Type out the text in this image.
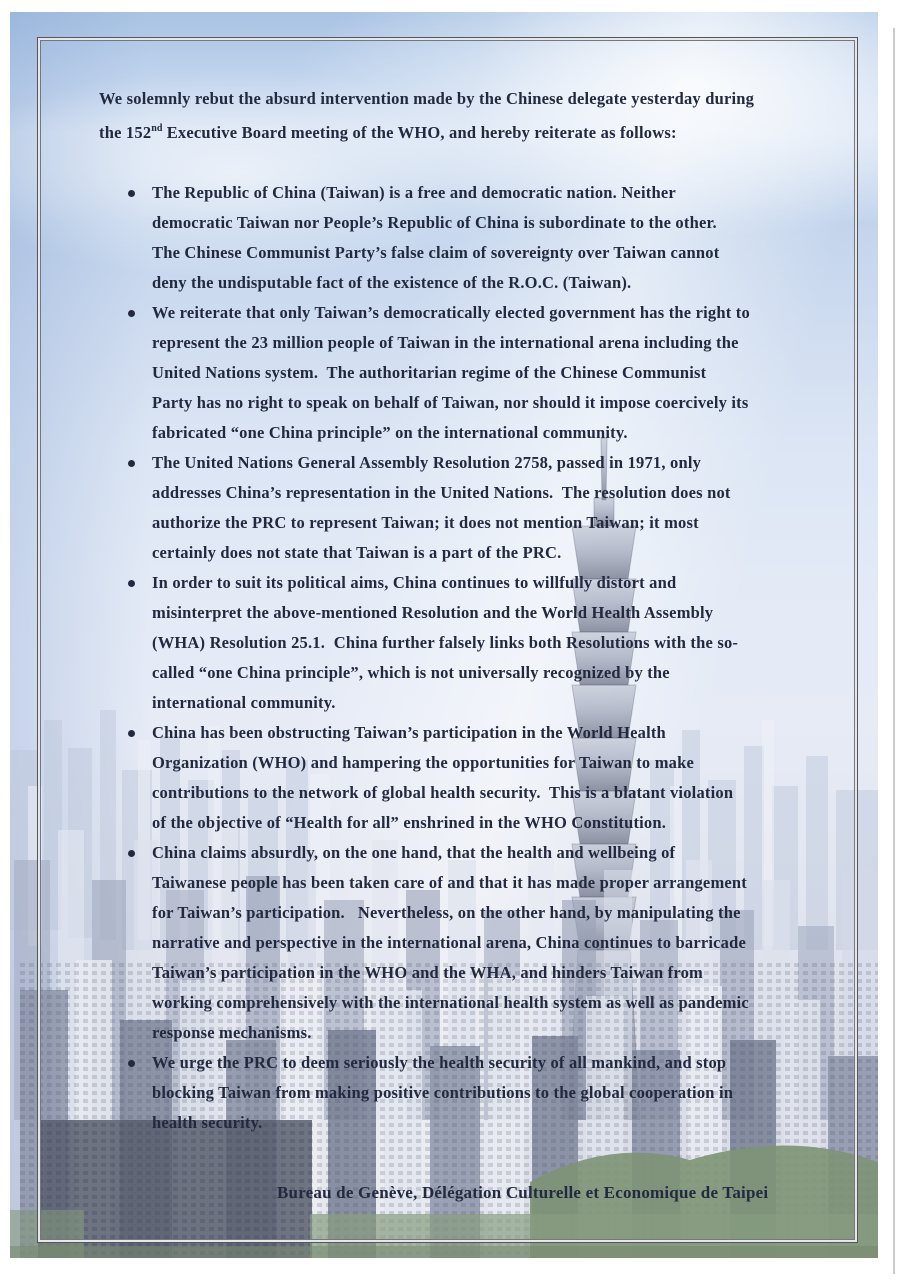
We solemnly rebut the absurd intervention made by the Chinese delegate yesterday during
the 152nd Executive Board meeting of the WHO, and hereby reiterate as follows:
The Republic of China (Taiwan) is a free and democratic nation. Neither
democratic Taiwan nor People’s Republic of China is subordinate to the other.
The Chinese Communist Party’s false claim of sovereignty over Taiwan cannot
deny the undisputable fact of the existence of the R.O.C. (Taiwan).
We reiterate that only Taiwan’s democratically elected government has the right to
represent the 23 million people of Taiwan in the international arena including the
United Nations system.  The authoritarian regime of the Chinese Communist
Party has no right to speak on behalf of Taiwan, nor should it impose coercively its
fabricated “one China principle” on the international community.
The United Nations General Assembly Resolution 2758, passed in 1971, only
addresses China’s representation in the United Nations.  The resolution does not
authorize the PRC to represent Taiwan; it does not mention Taiwan; it most
certainly does not state that Taiwan is a part of the PRC.
In order to suit its political aims, China continues to willfully distort and
misinterpret the above-mentioned Resolution and the World Health Assembly
(WHA) Resolution 25.1.  China further falsely links both Resolutions with the so-
called “one China principle”, which is not universally recognized by the
international community.
China has been obstructing Taiwan’s participation in the World Health
Organization (WHO) and hampering the opportunities for Taiwan to make
contributions to the network of global health security.  This is a blatant violation
of the objective of “Health for all” enshrined in the WHO Constitution.
China claims absurdly, on the one hand, that the health and wellbeing of
Taiwanese people has been taken care of and that it has made proper arrangement
for Taiwan’s participation.   Nevertheless, on the other hand, by manipulating the
narrative and perspective in the international arena, China continues to barricade
Taiwan’s participation in the WHO and the WHA, and hinders Taiwan from
working comprehensively with the international health system as well as pandemic
response mechanisms.
We urge the PRC to deem seriously the health security of all mankind, and stop
blocking Taiwan from making positive contributions to the global cooperation in
health security.
Bureau de Genève, Délégation Culturelle et Economique de Taipei
